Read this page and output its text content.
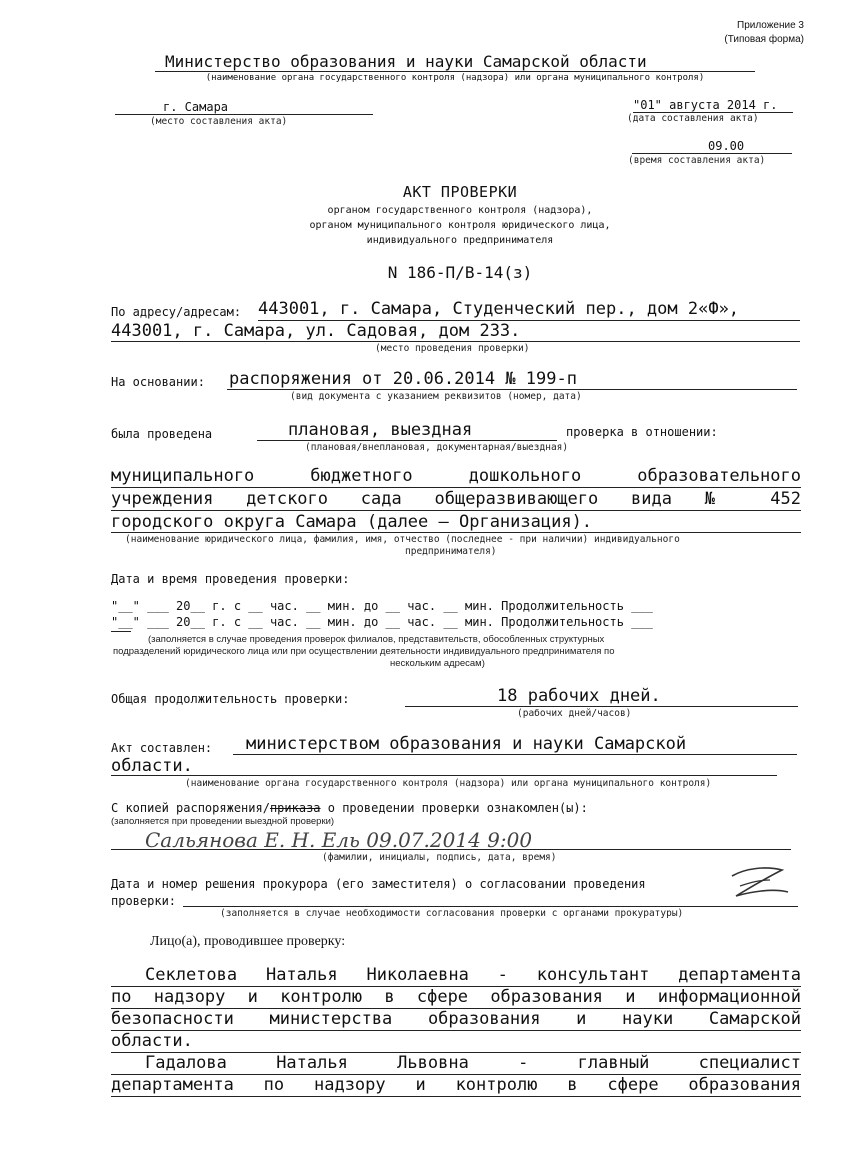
Приложение 3
(Типовая форма)
Министерство образования и науки Самарской области
(наименование органа государственного контроля (надзора) или органа муниципального контроля)
г. Самара
(место составления акта)
"01" августа 2014 г.
(дата составления акта)
09.00
(время составления акта)
АКТ ПРОВЕРКИ
органом государственного контроля (надзора),
органом муниципального контроля юридического лица,
индивидуального предпринимателя
N 186-П/В-14(з)
По адресу/адресам: 443001, г. Самара, Студенческий пер., дом 2«Ф»,
443001, г. Самара, ул. Садовая, дом 233.
(место проведения проверки)
На основании: распоряжения от 20.06.2014 № 199-п
(вид документа с указанием реквизитов (номер, дата)
была проведена	плановая, выездная	проверка в отношении:
(плановая/внеплановая, документарная/выездная)
муниципального бюджетного дошкольного образовательного
учреждения детского сада общеразвивающего вида № 452
городского округа Самара (далее – Организация).
(наименование юридического лица, фамилия, имя, отчество (последнее - при наличии) индивидуального
предпринимателя)
Дата и время проведения проверки:
"__" ___ 20__ г. с __ час. __ мин. до __ час. __ мин. Продолжительность ___
"__" ___ 20__ г. с __ час. __ мин. до __ час. __ мин. Продолжительность ___
(заполняется в случае проведения проверок филиалов, представительств, обособленных структурных
подразделений юридического лица или при осуществлении деятельности индивидуального предпринимателя по
нескольким адресам)
Общая продолжительность проверки:	18 рабочих дней.
(рабочих дней/часов)
Акт составлен: министерством образования и науки Самарской
области.
(наименование органа государственного контроля (надзора) или органа муниципального контроля)
С копией распоряжения/приказа о проведении проверки ознакомлен(ы):
(заполняется при проведении выездной проверки)
Сальянова Е. Н. Ель 09.07.2014 9:00
(фамилии, инициалы, подпись, дата, время)
Дата и номер решения прокурора (его заместителя) о согласовании проведения
проверки:
(заполняется в случае необходимости согласования проверки с органами прокуратуры)
Лицо(а), проводившее проверку:
Секлетова Наталья Николаевна - консультант департамента
по надзору и контролю в сфере образования и информационной
безопасности министерства образования и науки Самарской
области.
Гадалова Наталья Львовна - главный специалист
департамента по надзору и контролю в сфере образования
